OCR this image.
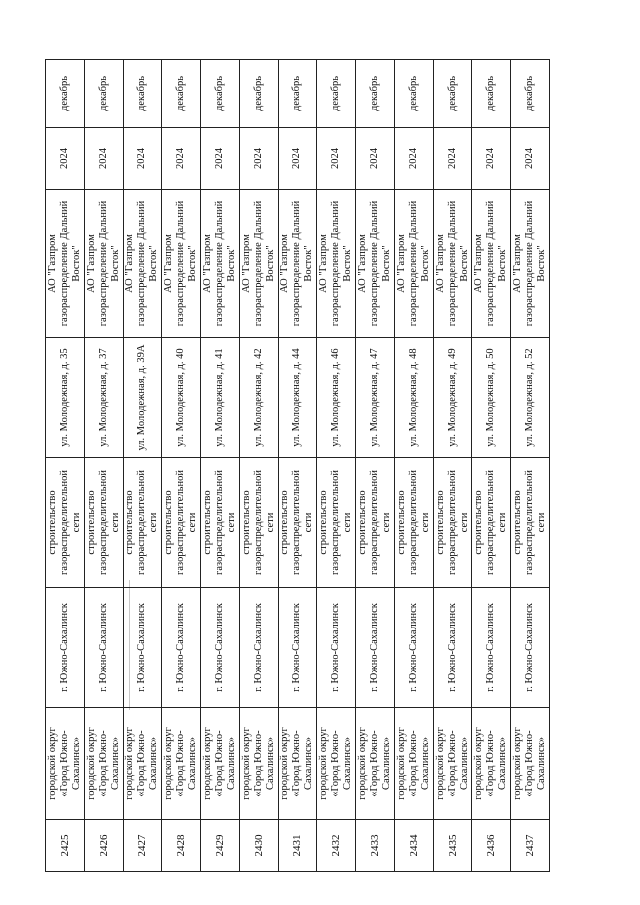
2425	городской округ «Город Южно-Сахалинск»	г. Южно-Сахалинск	строительство газораспределительной сети	ул. Молодежная, д. 35	АО "Газпром газораспределение Дальний Восток"	2024	декабрь
2426	городской округ «Город Южно-Сахалинск»	г. Южно-Сахалинск	строительство газораспределительной сети	ул. Молодежная, д. 37	АО "Газпром газораспределение Дальний Восток"	2024	декабрь
2427	городской округ «Город Южно-Сахалинск»	г. Южно-Сахалинск	строительство газораспределительной сети	ул. Молодежная, д. 39А	АО "Газпром газораспределение Дальний Восток"	2024	декабрь
2428	городской округ «Город Южно-Сахалинск»	г. Южно-Сахалинск	строительство газораспределительной сети	ул. Молодежная, д. 40	АО "Газпром газораспределение Дальний Восток"	2024	декабрь
2429	городской округ «Город Южно-Сахалинск»	г. Южно-Сахалинск	строительство газораспределительной сети	ул. Молодежная, д. 41	АО "Газпром газораспределение Дальний Восток"	2024	декабрь
2430	городской округ «Город Южно-Сахалинск»	г. Южно-Сахалинск	строительство газораспределительной сети	ул. Молодежная, д. 42	АО "Газпром газораспределение Дальний Восток"	2024	декабрь
2431	городской округ «Город Южно-Сахалинск»	г. Южно-Сахалинск	строительство газораспределительной сети	ул. Молодежная, д. 44	АО "Газпром газораспределение Дальний Восток"	2024	декабрь
2432	городской округ «Город Южно-Сахалинск»	г. Южно-Сахалинск	строительство газораспределительной сети	ул. Молодежная, д. 46	АО "Газпром газораспределение Дальний Восток"	2024	декабрь
2433	городской округ «Город Южно-Сахалинск»	г. Южно-Сахалинск	строительство газораспределительной сети	ул. Молодежная, д. 47	АО "Газпром газораспределение Дальний Восток"	2024	декабрь
2434	городской округ «Город Южно-Сахалинск»	г. Южно-Сахалинск	строительство газораспределительной сети	ул. Молодежная, д. 48	АО "Газпром газораспределение Дальний Восток"	2024	декабрь
2435	городской округ «Город Южно-Сахалинск»	г. Южно-Сахалинск	строительство газораспределительной сети	ул. Молодежная, д. 49	АО "Газпром газораспределение Дальний Восток"	2024	декабрь
2436	городской округ «Город Южно-Сахалинск»	г. Южно-Сахалинск	строительство газораспределительной сети	ул. Молодежная, д. 50	АО "Газпром газораспределение Дальний Восток"	2024	декабрь
2437	городской округ «Город Южно-Сахалинск»	г. Южно-Сахалинск	строительство газораспределительной сети	ул. Молодежная, д. 52	АО "Газпром газораспределение Дальний Восток"	2024	декабрь
